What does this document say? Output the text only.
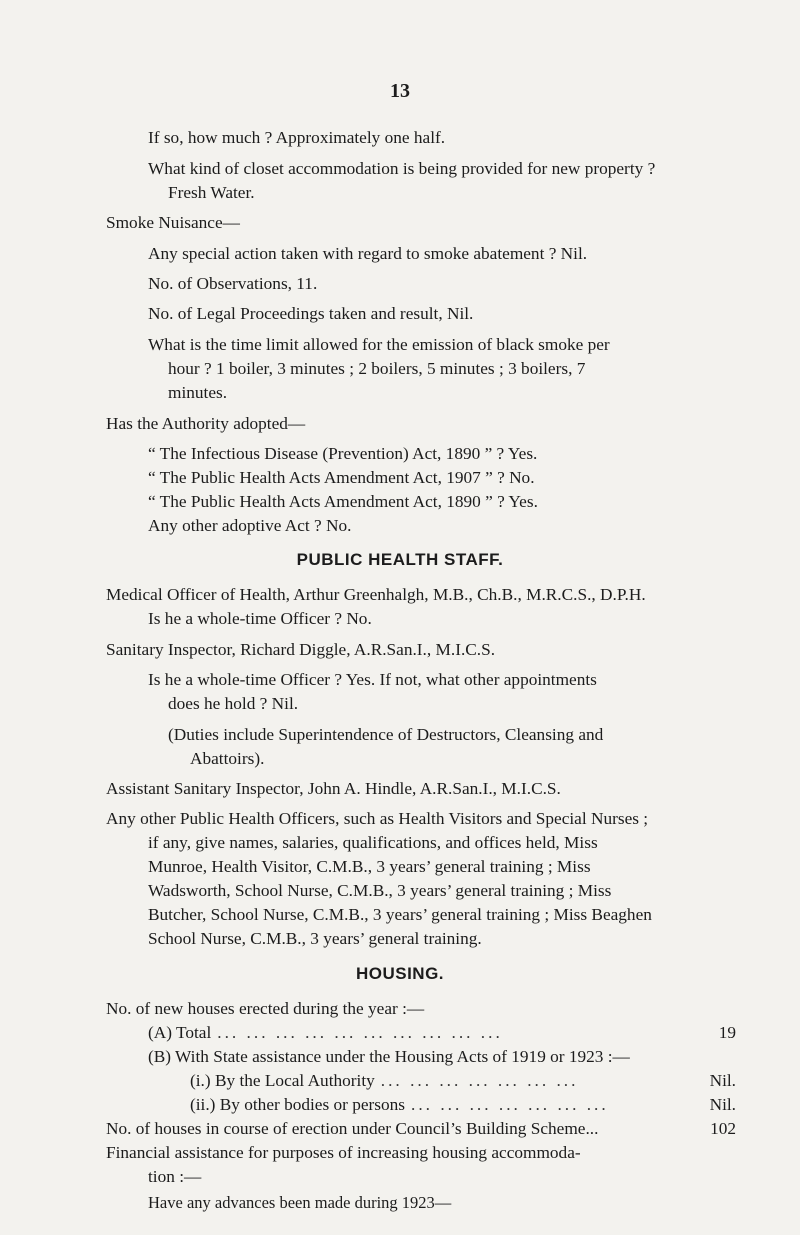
13
If so, how much ? Approximately one half.
What kind of closet accommodation is being provided for new property ?
Fresh Water.
Smoke Nuisance—
Any special action taken with regard to smoke abatement ? Nil.
No. of Observations, 11.
No. of Legal Proceedings taken and result, Nil.
What is the time limit allowed for the emission of black smoke per
hour ? 1 boiler, 3 minutes ; 2 boilers, 5 minutes ; 3 boilers, 7
minutes.
Has the Authority adopted—
“ The Infectious Disease (Prevention) Act, 1890 ” ? Yes.
“ The Public Health Acts Amendment Act, 1907 ” ? No.
“ The Public Health Acts Amendment Act, 1890 ” ? Yes.
Any other adoptive Act ? No.
PUBLIC HEALTH STAFF.
Medical Officer of Health, Arthur Greenhalgh, M.B., Ch.B., M.R.C.S., D.P.H.
Is he a whole-time Officer ? No.
Sanitary Inspector, Richard Diggle, A.R.San.I., M.I.C.S.
Is he a whole-time Officer ? Yes. If not, what other appointments
does he hold ? Nil.
(Duties include Superintendence of Destructors, Cleansing and
Abattoirs).
Assistant Sanitary Inspector, John A. Hindle, A.R.San.I., M.I.C.S.
Any other Public Health Officers, such as Health Visitors and Special Nurses ;
if any, give names, salaries, qualifications, and offices held, Miss
Munroe, Health Visitor, C.M.B., 3 years’ general training ; Miss
Wadsworth, School Nurse, C.M.B., 3 years’ general training ; Miss
Butcher, School Nurse, C.M.B., 3 years’ general training ; Miss Beaghen
School Nurse, C.M.B., 3 years’ general training.
HOUSING.
No. of new houses erected during the year :—
(A) Total ... ... ... ... ... ... ... ... ... ...	19
(B) With State assistance under the Housing Acts of 1919 or 1923 :—
(i.) By the Local Authority ... ... ... ... ... ... ...	Nil.
(ii.) By other bodies or persons ... ... ... ... ... ... ...	Nil.
No. of houses in course of erection under Council’s Building Scheme...	102
Financial assistance for purposes of increasing housing accommoda-
tion :—
Have any advances been made during 1923—
